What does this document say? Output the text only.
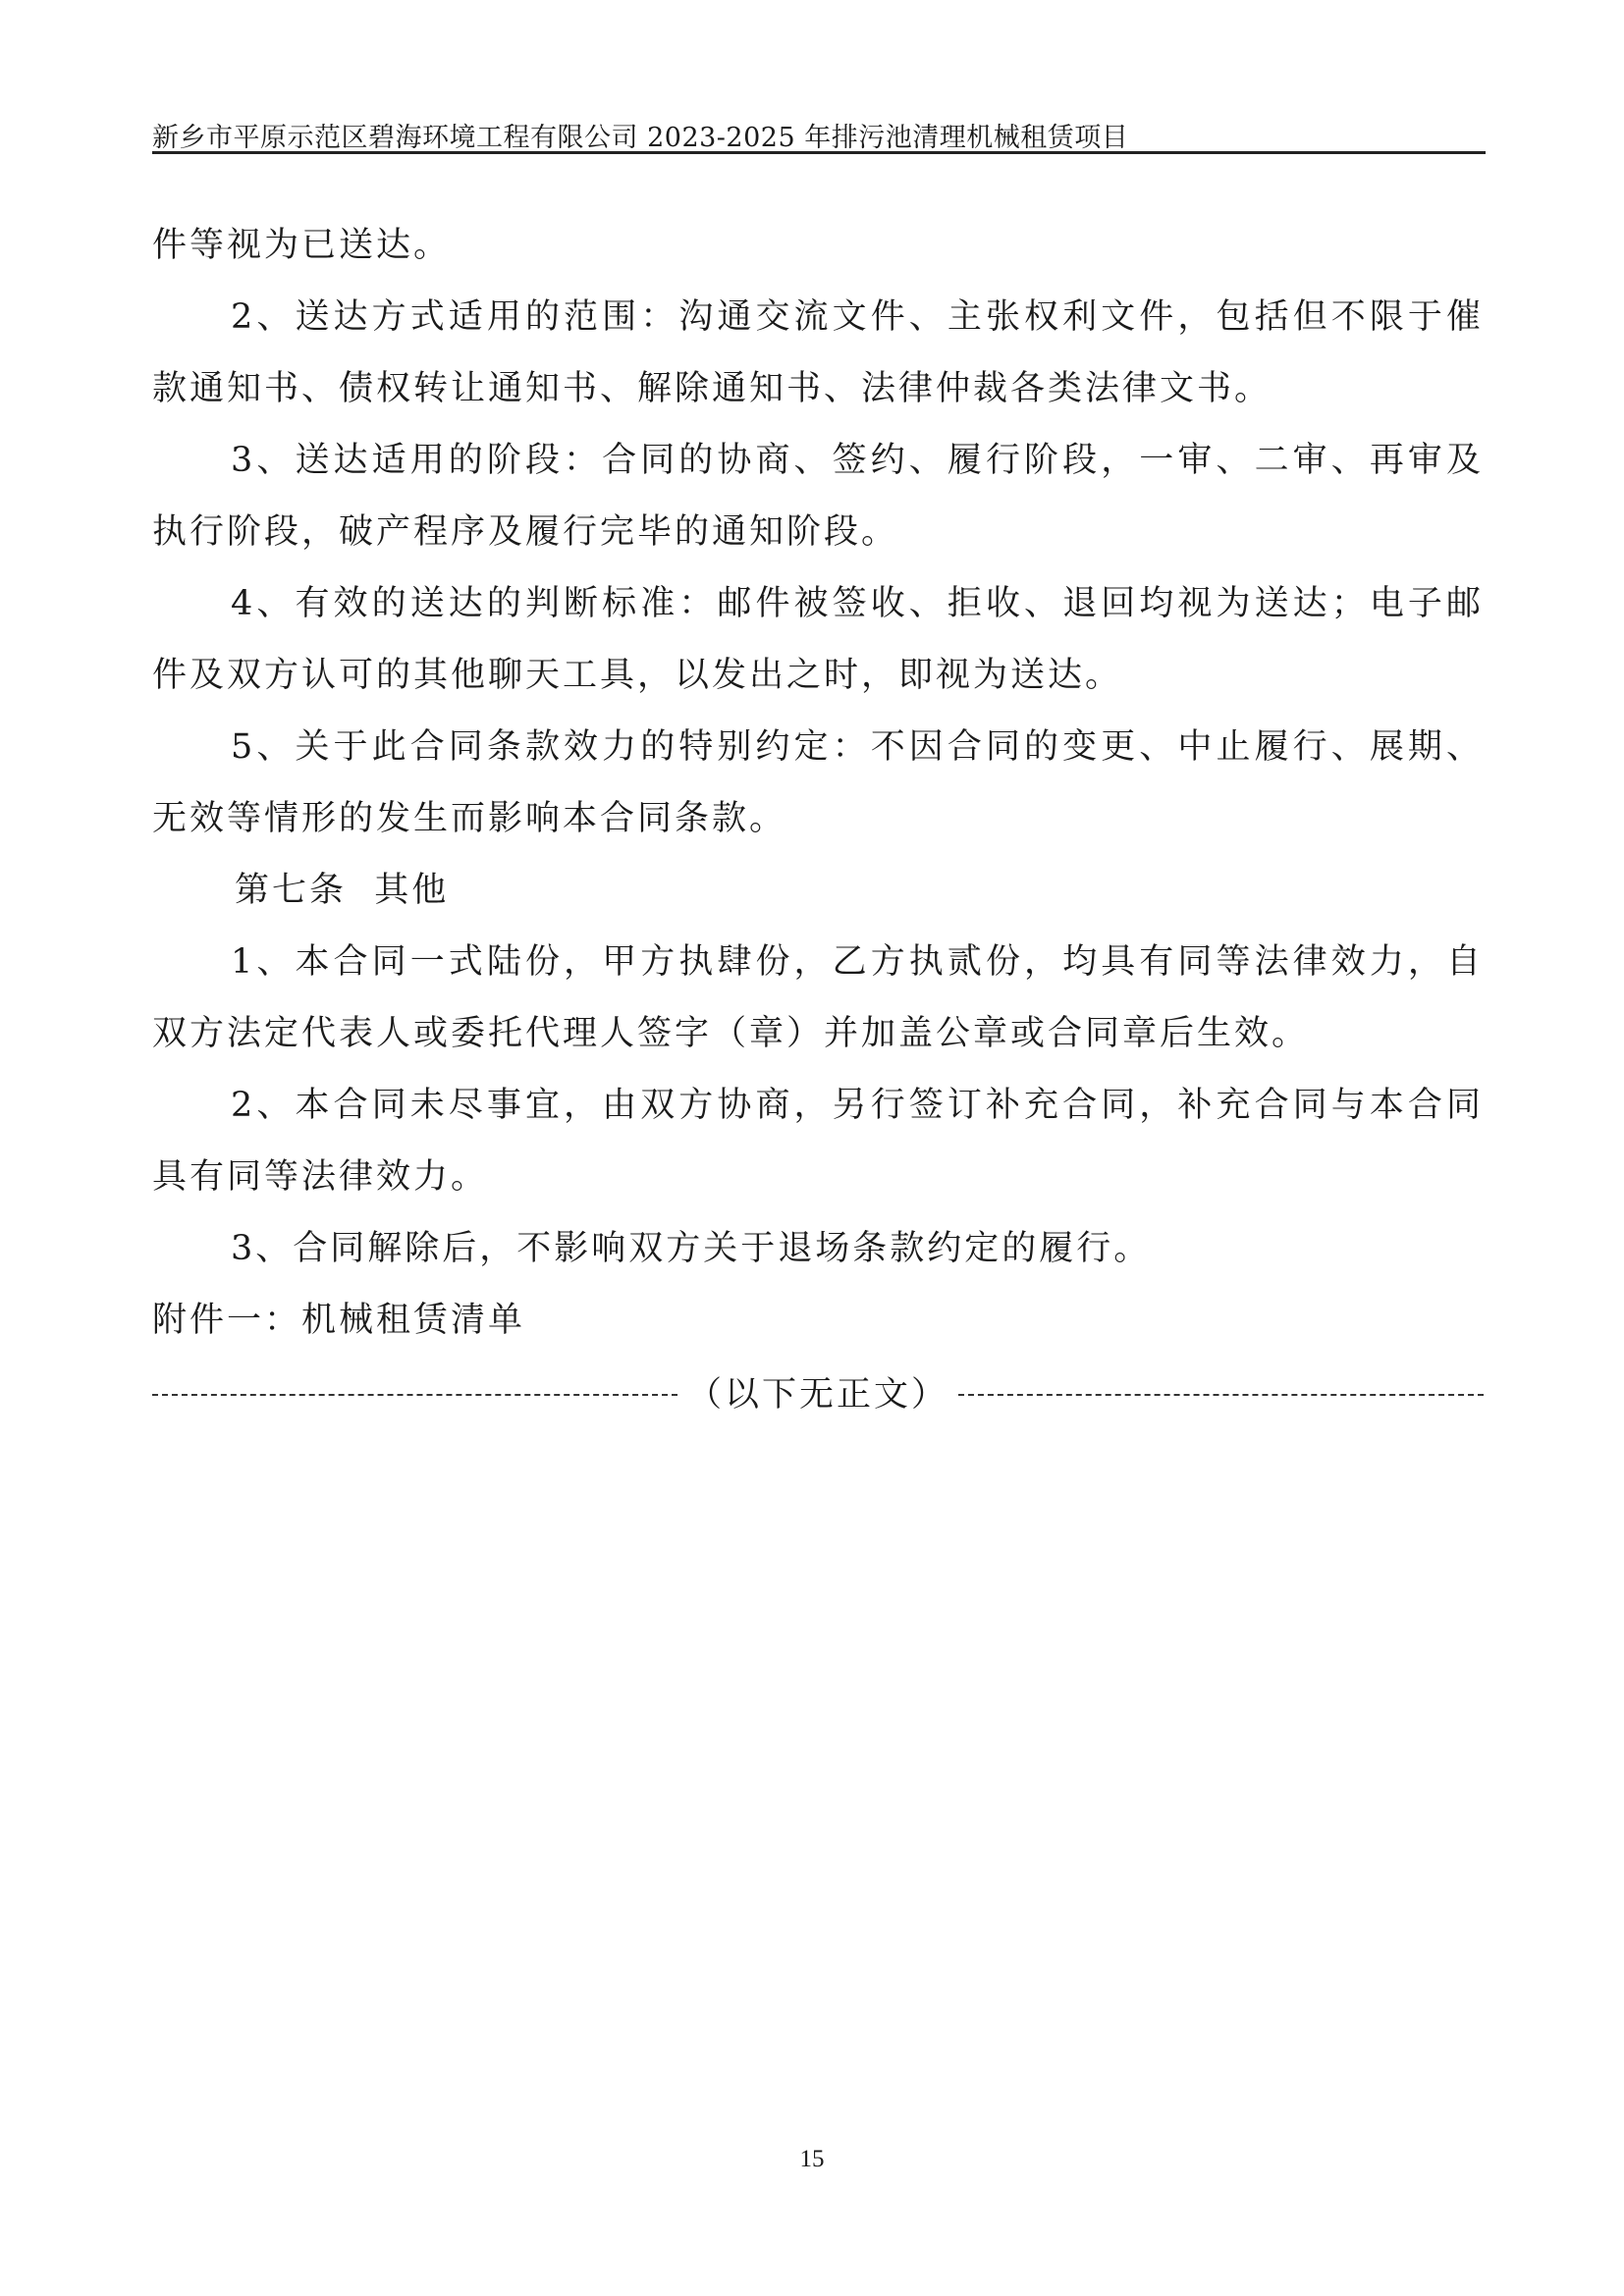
新乡市平原示范区碧海环境工程有限公司 2023-2025 年排污池清理机械租赁项目

件等视为已送达。

2、送达方式适用的范围：沟通交流文件、主张权利文件，包括但不限于催款通知书、债权转让通知书、解除通知书、法律仲裁各类法律文书。

3、送达适用的阶段：合同的协商、签约、履行阶段，一审、二审、再审及执行阶段，破产程序及履行完毕的通知阶段。

4、有效的送达的判断标准：邮件被签收、拒收、退回均视为送达；电子邮件及双方认可的其他聊天工具，以发出之时，即视为送达。

5、关于此合同条款效力的特别约定：不因合同的变更、中止履行、展期、无效等情形的发生而影响本合同条款。

第七条  其他

1、本合同一式陆份，甲方执肆份，乙方执贰份，均具有同等法律效力，自双方法定代表人或委托代理人签字（章）并加盖公章或合同章后生效。

2、本合同未尽事宜，由双方协商，另行签订补充合同，补充合同与本合同具有同等法律效力。

3、合同解除后，不影响双方关于退场条款约定的履行。

附件一：机械租赁清单

（以下无正文）
15
